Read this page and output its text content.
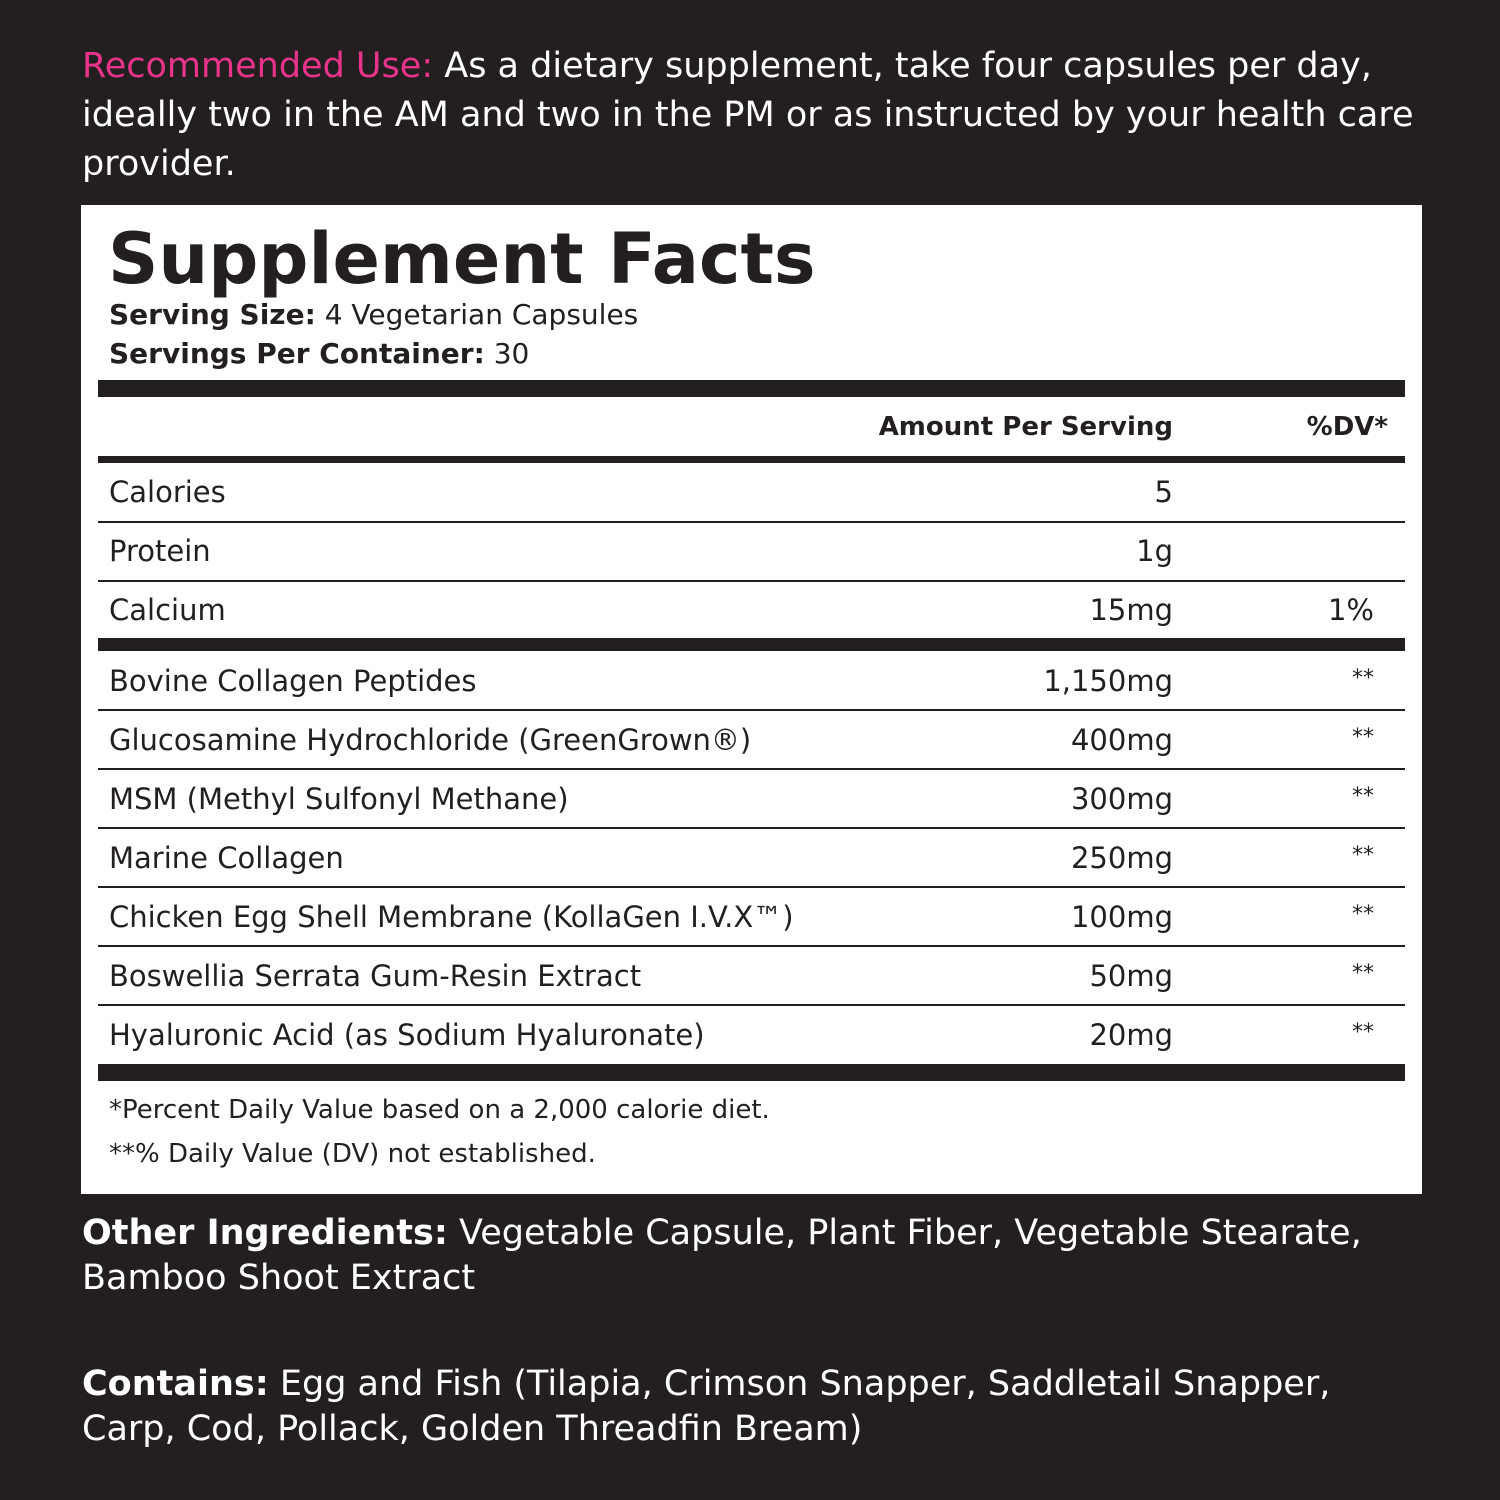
Recommended Use: As a dietary supplement, take four capsules per day, ideally two in the AM and two in the PM or as instructed by your health care provider.
Supplement Facts
Serving Size: 4 Vegetarian Capsules
Servings Per Container: 30
Amount Per Serving	%DV*
Calories	5
Protein	1g
Calcium	15mg	1%
Bovine Collagen Peptides	1,150mg	**
Glucosamine Hydrochloride (GreenGrown®)	400mg	**
MSM (Methyl Sulfonyl Methane)	300mg	**
Marine Collagen	250mg	**
Chicken Egg Shell Membrane (KollaGen I.V.X™)	100mg	**
Boswellia Serrata Gum-Resin Extract	50mg	**
Hyaluronic Acid (as Sodium Hyaluronate)	20mg	**
*Percent Daily Value based on a 2,000 calorie diet.
**% Daily Value (DV) not established.
Other Ingredients: Vegetable Capsule, Plant Fiber, Vegetable Stearate, Bamboo Shoot Extract
Contains: Egg and Fish (Tilapia, Crimson Snapper, Saddletail Snapper, Carp, Cod, Pollack, Golden Threadfin Bream)
